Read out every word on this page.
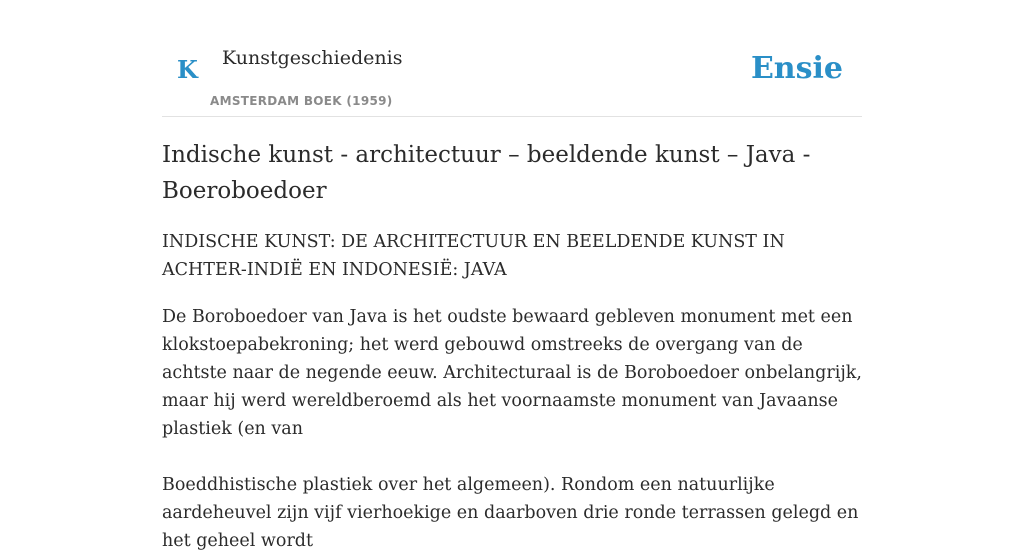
K Kunstgeschiedenis
AMSTERDAM BOEK (1959)
Ensie
Indische kunst - architectuur – beeldende kunst – Java - Boeroboedoer

INDISCHE KUNST: DE ARCHITECTUUR EN BEELDENDE KUNST IN ACHTER-INDIË EN INDONESIË: JAVA

De Boroboedoer van Java is het oudste bewaard gebleven monument met een klokstoepabekroning; het werd gebouwd omstreeks de overgang van de achtste naar de negende eeuw. Architecturaal is de Boroboedoer onbelangrijk, maar hij werd wereldberoemd als het voornaamste monument van Javaanse plastiek (en van

Boeddhistische plastiek over het algemeen). Rondom een natuurlijke aardeheuvel zijn vijf vierhoekige en daarboven drie ronde terrassen gelegd en het geheel wordt
